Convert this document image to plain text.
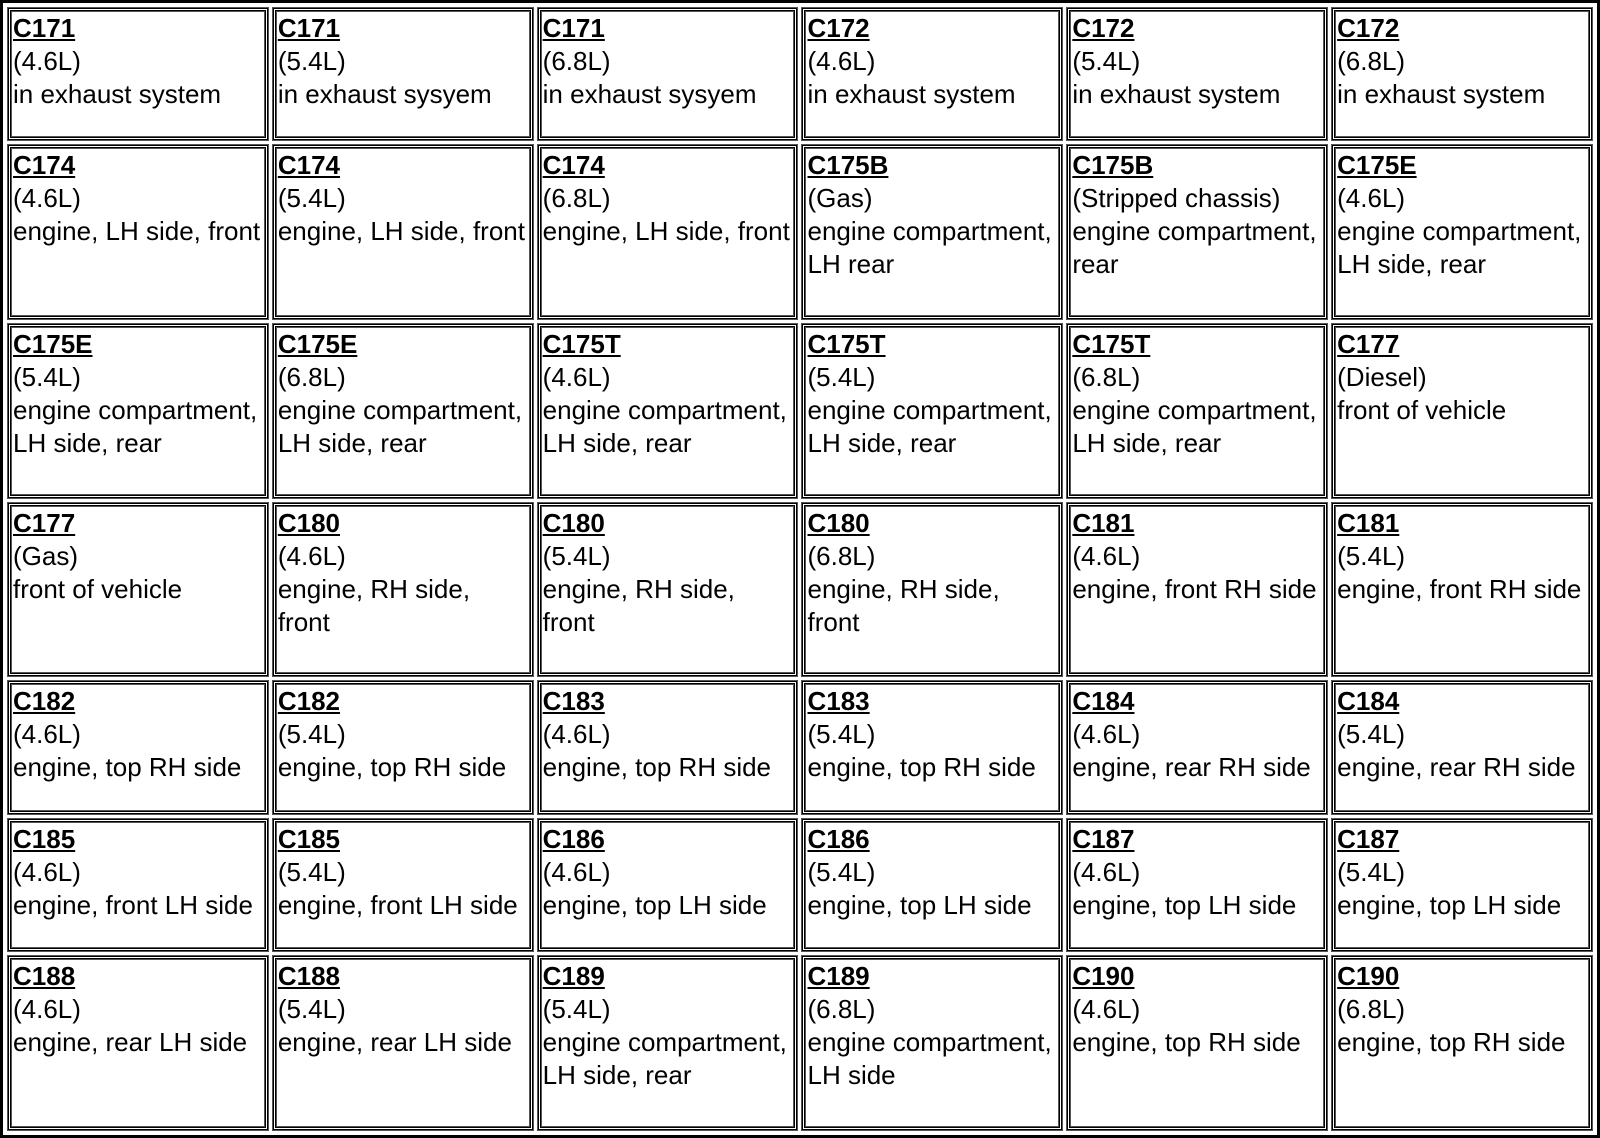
C171
(4.6L)
in exhaust system	C171
(5.4L)
in exhaust sysyem	C171
(6.8L)
in exhaust sysyem	C172
(4.6L)
in exhaust system	C172
(5.4L)
in exhaust system	C172
(6.8L)
in exhaust system

C174
(4.6L)
engine, LH side, front	C174
(5.4L)
engine, LH side, front	C174
(6.8L)
engine, LH side, front	C175B
(Gas)
engine compartment, LH rear	C175B
(Stripped chassis)
engine compartment, rear	C175E
(4.6L)
engine compartment, LH side, rear

C175E
(5.4L)
engine compartment, LH side, rear	C175E
(6.8L)
engine compartment, LH side, rear	C175T
(4.6L)
engine compartment, LH side, rear	C175T
(5.4L)
engine compartment, LH side, rear	C175T
(6.8L)
engine compartment, LH side, rear	C177
(Diesel)
front of vehicle

C177
(Gas)
front of vehicle	C180
(4.6L)
engine, RH side, front	C180
(5.4L)
engine, RH side, front	C180
(6.8L)
engine, RH side, front	C181
(4.6L)
engine, front RH side	C181
(5.4L)
engine, front RH side

C182
(4.6L)
engine, top RH side	C182
(5.4L)
engine, top RH side	C183
(4.6L)
engine, top RH side	C183
(5.4L)
engine, top RH side	C184
(4.6L)
engine, rear RH side	C184
(5.4L)
engine, rear RH side

C185
(4.6L)
engine, front LH side	C185
(5.4L)
engine, front LH side	C186
(4.6L)
engine, top LH side	C186
(5.4L)
engine, top LH side	C187
(4.6L)
engine, top LH side	C187
(5.4L)
engine, top LH side

C188
(4.6L)
engine, rear LH side	C188
(5.4L)
engine, rear LH side	C189
(5.4L)
engine compartment, LH side, rear	C189
(6.8L)
engine compartment, LH side	C190
(4.6L)
engine, top RH side	C190
(6.8L)
engine, top RH side
